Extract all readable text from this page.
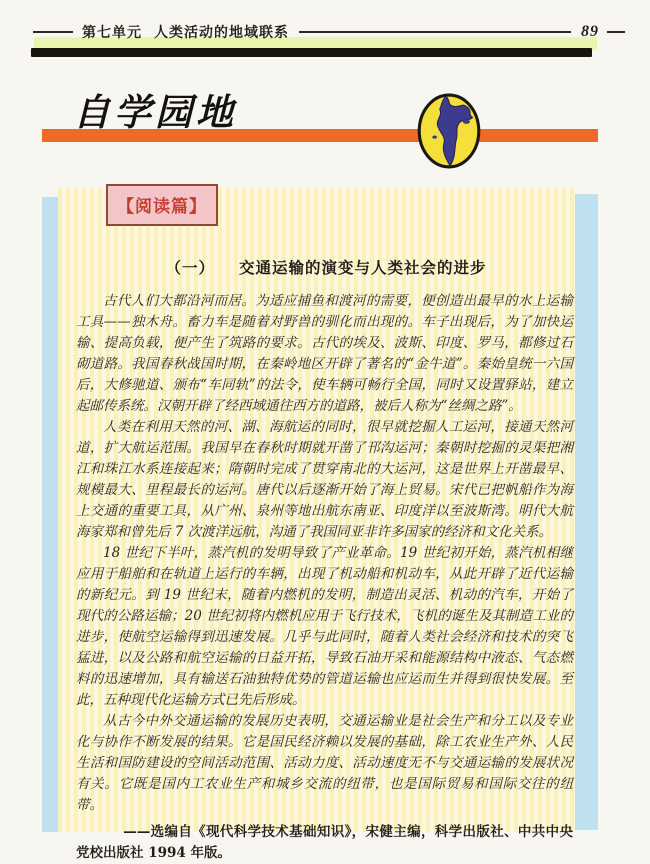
第七单元 人类活动的地域联系	89
自学园地
【阅读篇】
（一） 交通运输的演变与人类社会的进步

古代人们大都沿河而居。为适应捕鱼和渡河的需要，便创造出最早的水上运输工具——独木舟。畜力车是随着对野兽的驯化而出现的。车子出现后，为了加快运输、提高负载，便产生了筑路的要求。古代的埃及、波斯、印度、罗马，都修过石砌道路。我国春秋战国时期，在秦岭地区开辟了著名的“金牛道”。秦始皇统一六国后，大修驰道、颁布“车同轨”的法令，使车辆可畅行全国，同时又设置驿站，建立起邮传系统。汉朝开辟了经西域通往西方的道路，被后人称为“丝绸之路”。

人类在利用天然的河、湖、海航运的同时，很早就挖掘人工运河，接通天然河道，扩大航运范围。我国早在春秋时期就开凿了邗沟运河；秦朝时挖掘的灵渠把湘江和珠江水系连接起来；隋朝时完成了贯穿南北的大运河，这是世界上开凿最早、规模最大、里程最长的运河。唐代以后逐渐开始了海上贸易。宋代已把帆船作为海上交通的重要工具，从广州、泉州等地出航东南亚、印度洋以至波斯湾。明代大航海家郑和曾先后 7 次渡洋远航，沟通了我国同亚非许多国家的经济和文化关系。

18 世纪下半叶，蒸汽机的发明导致了产业革命。19 世纪初开始，蒸汽机相继应用于船舶和在轨道上运行的车辆，出现了机动船和机动车，从此开辟了近代运输的新纪元。到 19 世纪末，随着内燃机的发明，制造出灵活、机动的汽车，开始了现代的公路运输；20 世纪初将内燃机应用于飞行技术，飞机的诞生及其制造工业的进步，使航空运输得到迅速发展。几乎与此同时，随着人类社会经济和技术的突飞猛进，以及公路和航空运输的日益开拓，导致石油开采和能源结构中液态、气态燃料的迅速增加，具有输送石油独特优势的管道运输也应运而生并得到很快发展。至此，五种现代化运输方式已先后形成。

从古今中外交通运输的发展历史表明，交通运输业是社会生产和分工以及专业化与协作不断发展的结果。它是国民经济赖以发展的基础，除工农业生产外、人民生活和国防建设的空间活动范围、活动力度、活动速度无不与交通运输的发展状况有关。它既是国内工农业生产和城乡交流的纽带，也是国际贸易和国际交往的纽带。

——选编自《现代科学技术基础知识》，宋健主编，科学出版社、中共中央党校出版社 1994 年版。
